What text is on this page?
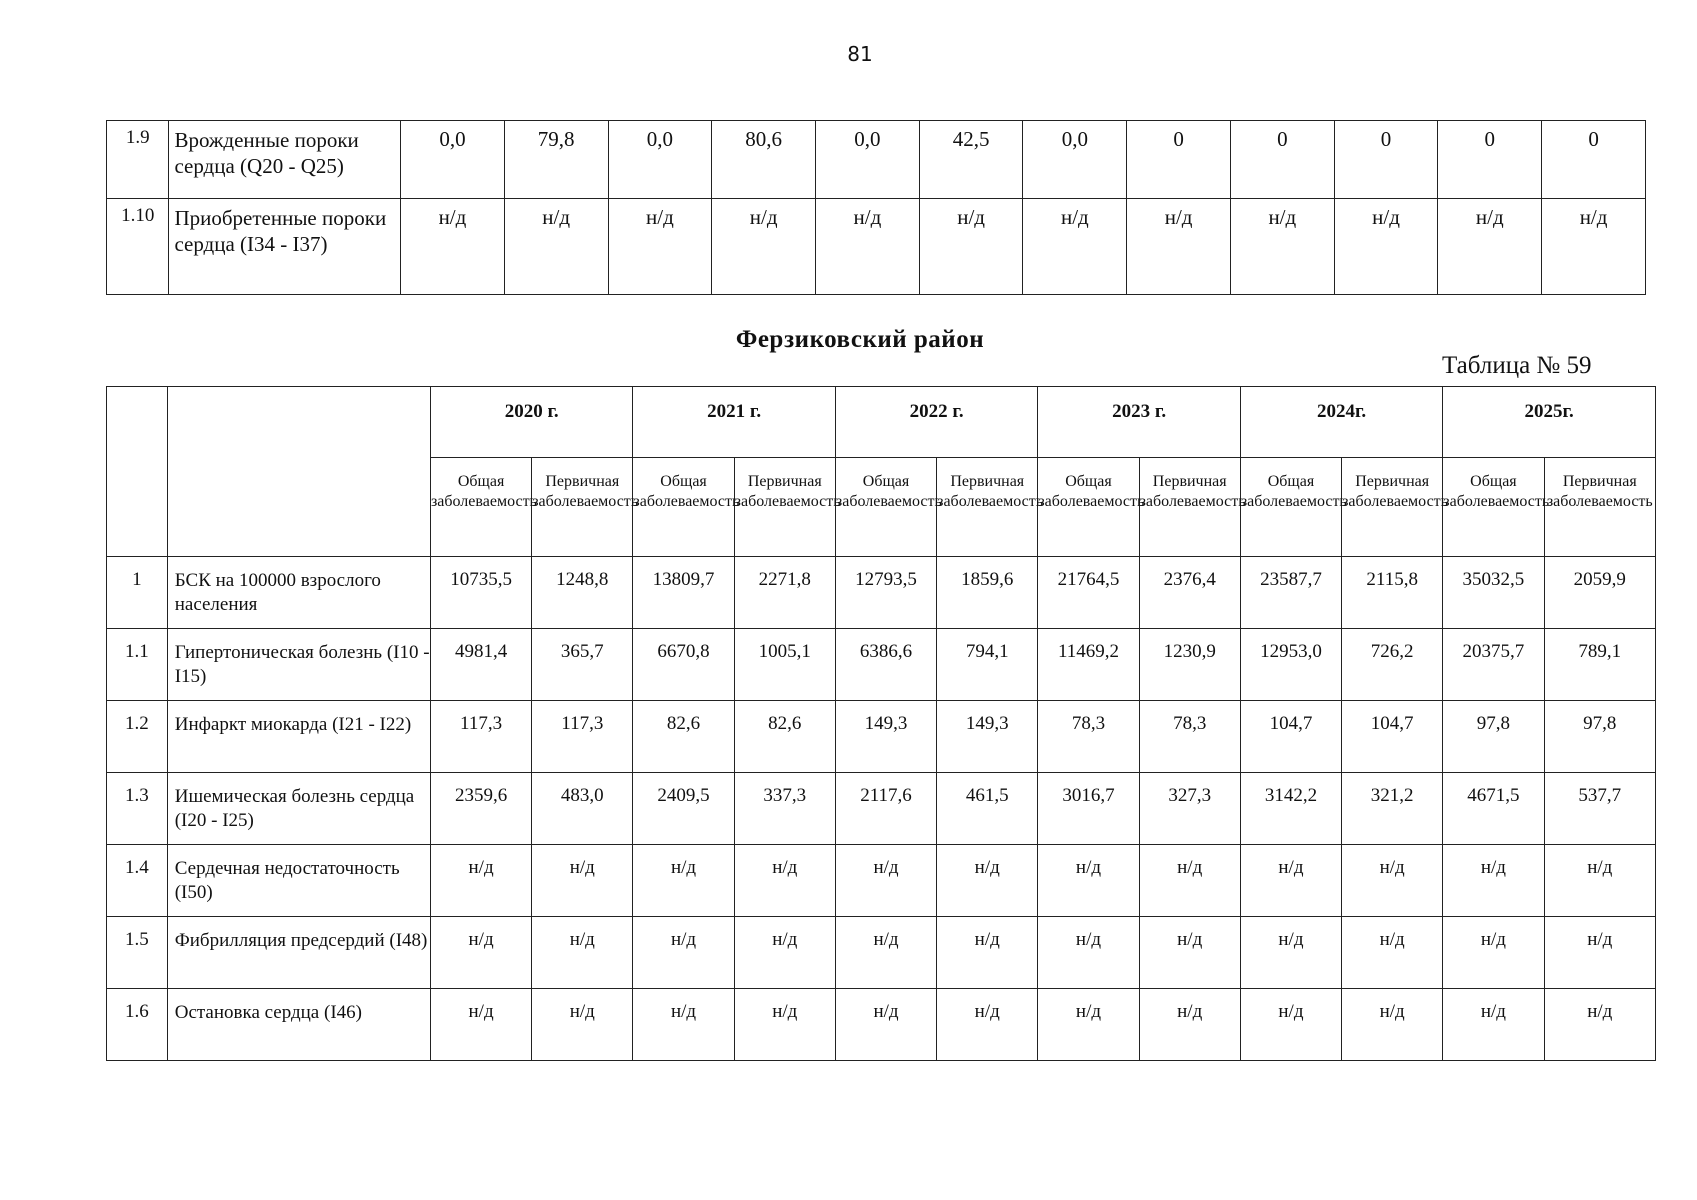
81
1.9	Врожденные пороки сердца (Q20 - Q25)	0,0	79,8	0,0	80,6	0,0	42,5	0,0	0	0	0	0	0
1.10	Приобретенные пороки сердца (I34 - I37)	н/д	н/д	н/д	н/д	н/д	н/д	н/д	н/д	н/д	н/д	н/д	н/д
Ферзиковский район
Таблица № 59
		2020 г.		2021 г.		2022 г.		2023 г.		2024г.		2025г.	
		Общая заболеваемость	Первичная заболеваемость	Общая заболеваемость	Первичная заболеваемость	Общая заболеваемость	Первичная заболеваемость	Общая заболеваемость	Первичная заболеваемость	Общая заболеваемость	Первичная заболеваемость	Общая заболеваемость	Первичная заболеваемость
1	БСК на 100000 взрослого населения	10735,5	1248,8	13809,7	2271,8	12793,5	1859,6	21764,5	2376,4	23587,7	2115,8	35032,5	2059,9
1.1	Гипертоническая болезнь (I10 - I15)	4981,4	365,7	6670,8	1005,1	6386,6	794,1	11469,2	1230,9	12953,0	726,2	20375,7	789,1
1.2	Инфаркт миокарда (I21 - I22)	117,3	117,3	82,6	82,6	149,3	149,3	78,3	78,3	104,7	104,7	97,8	97,8
1.3	Ишемическая болезнь сердца (I20 - I25)	2359,6	483,0	2409,5	337,3	2117,6	461,5	3016,7	327,3	3142,2	321,2	4671,5	537,7
1.4	Сердечная недостаточность (I50)	н/д	н/д	н/д	н/д	н/д	н/д	н/д	н/д	н/д	н/д	н/д	н/д
1.5	Фибрилляция предсердий (I48)	н/д	н/д	н/д	н/д	н/д	н/д	н/д	н/д	н/д	н/д	н/д	н/д
1.6	Остановка сердца (I46)	н/д	н/д	н/д	н/д	н/д	н/д	н/д	н/д	н/д	н/д	н/д	н/д
